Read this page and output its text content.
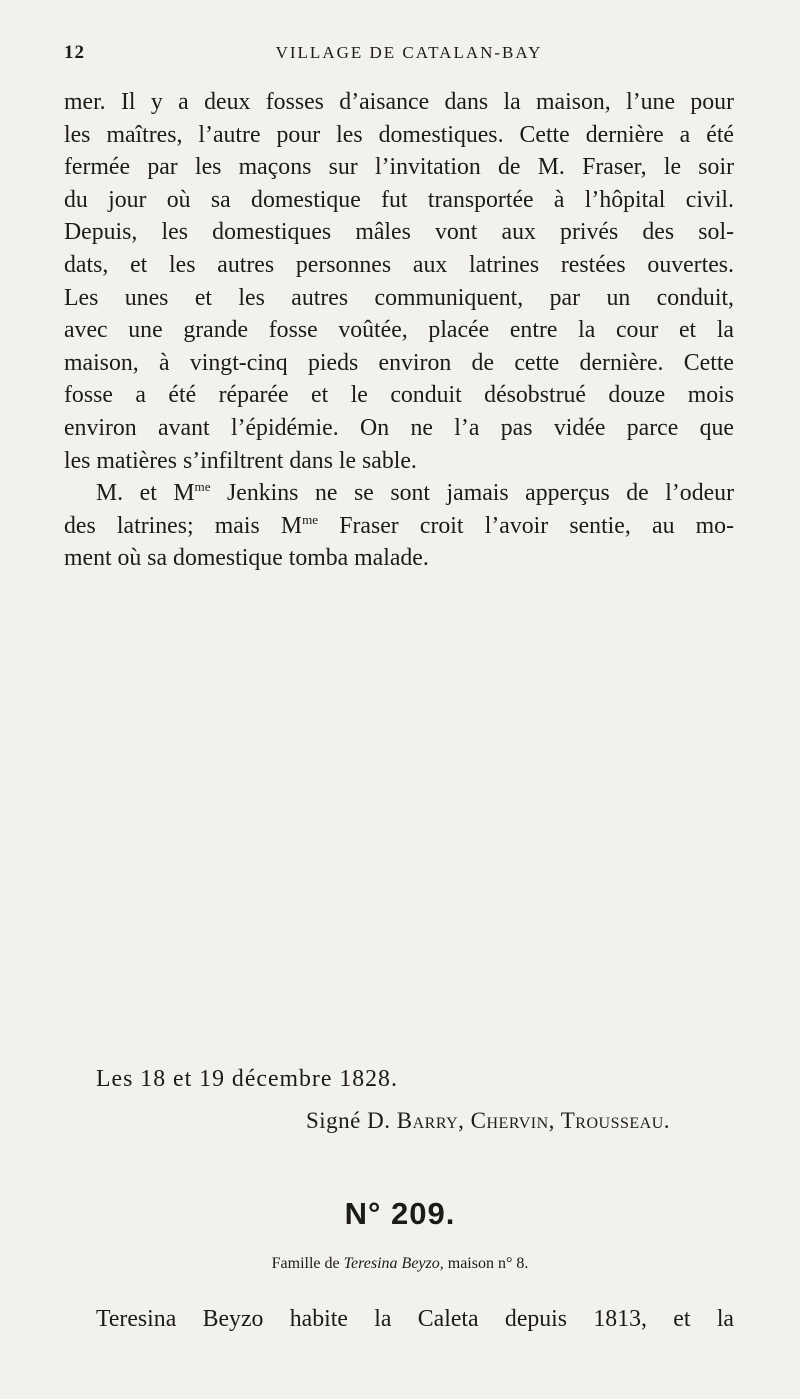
12	VILLAGE DE CATALAN-BAY
mer. Il y a deux fosses d’aisance dans la maison, l’une pour
les maîtres, l’autre pour les domestiques. Cette dernière a été
fermée par les maçons sur l’invitation de M. Fraser, le soir
du jour où sa domestique fut transportée à l’hôpital civil.
Depuis, les domestiques mâles vont aux privés des sol-
dats, et les autres personnes aux latrines restées ouvertes.
Les unes et les autres communiquent, par un conduit,
avec une grande fosse voûtée, placée entre la cour et la
maison, à vingt-cinq pieds environ de cette dernière. Cette
fosse a été réparée et le conduit désobstrué douze mois
environ avant l’épidémie. On ne l’a pas vidée parce que
les matières s’infiltrent dans le sable.
M. et $M^{me}$ Jenkins ne se sont jamais apperçus de l’odeur
des latrines; mais $M^{me}$ Fraser croit l’avoir sentie, au mo-
ment où sa domestique tomba malade.
Les 18 et 19 décembre 1828.
Signé D. Barry, Chervin, Trousseau.
N° 209.
Famille de Teresina Beyzo, maison n° 8.
Teresina Beyzo habite la Caleta depuis 1813, et la
